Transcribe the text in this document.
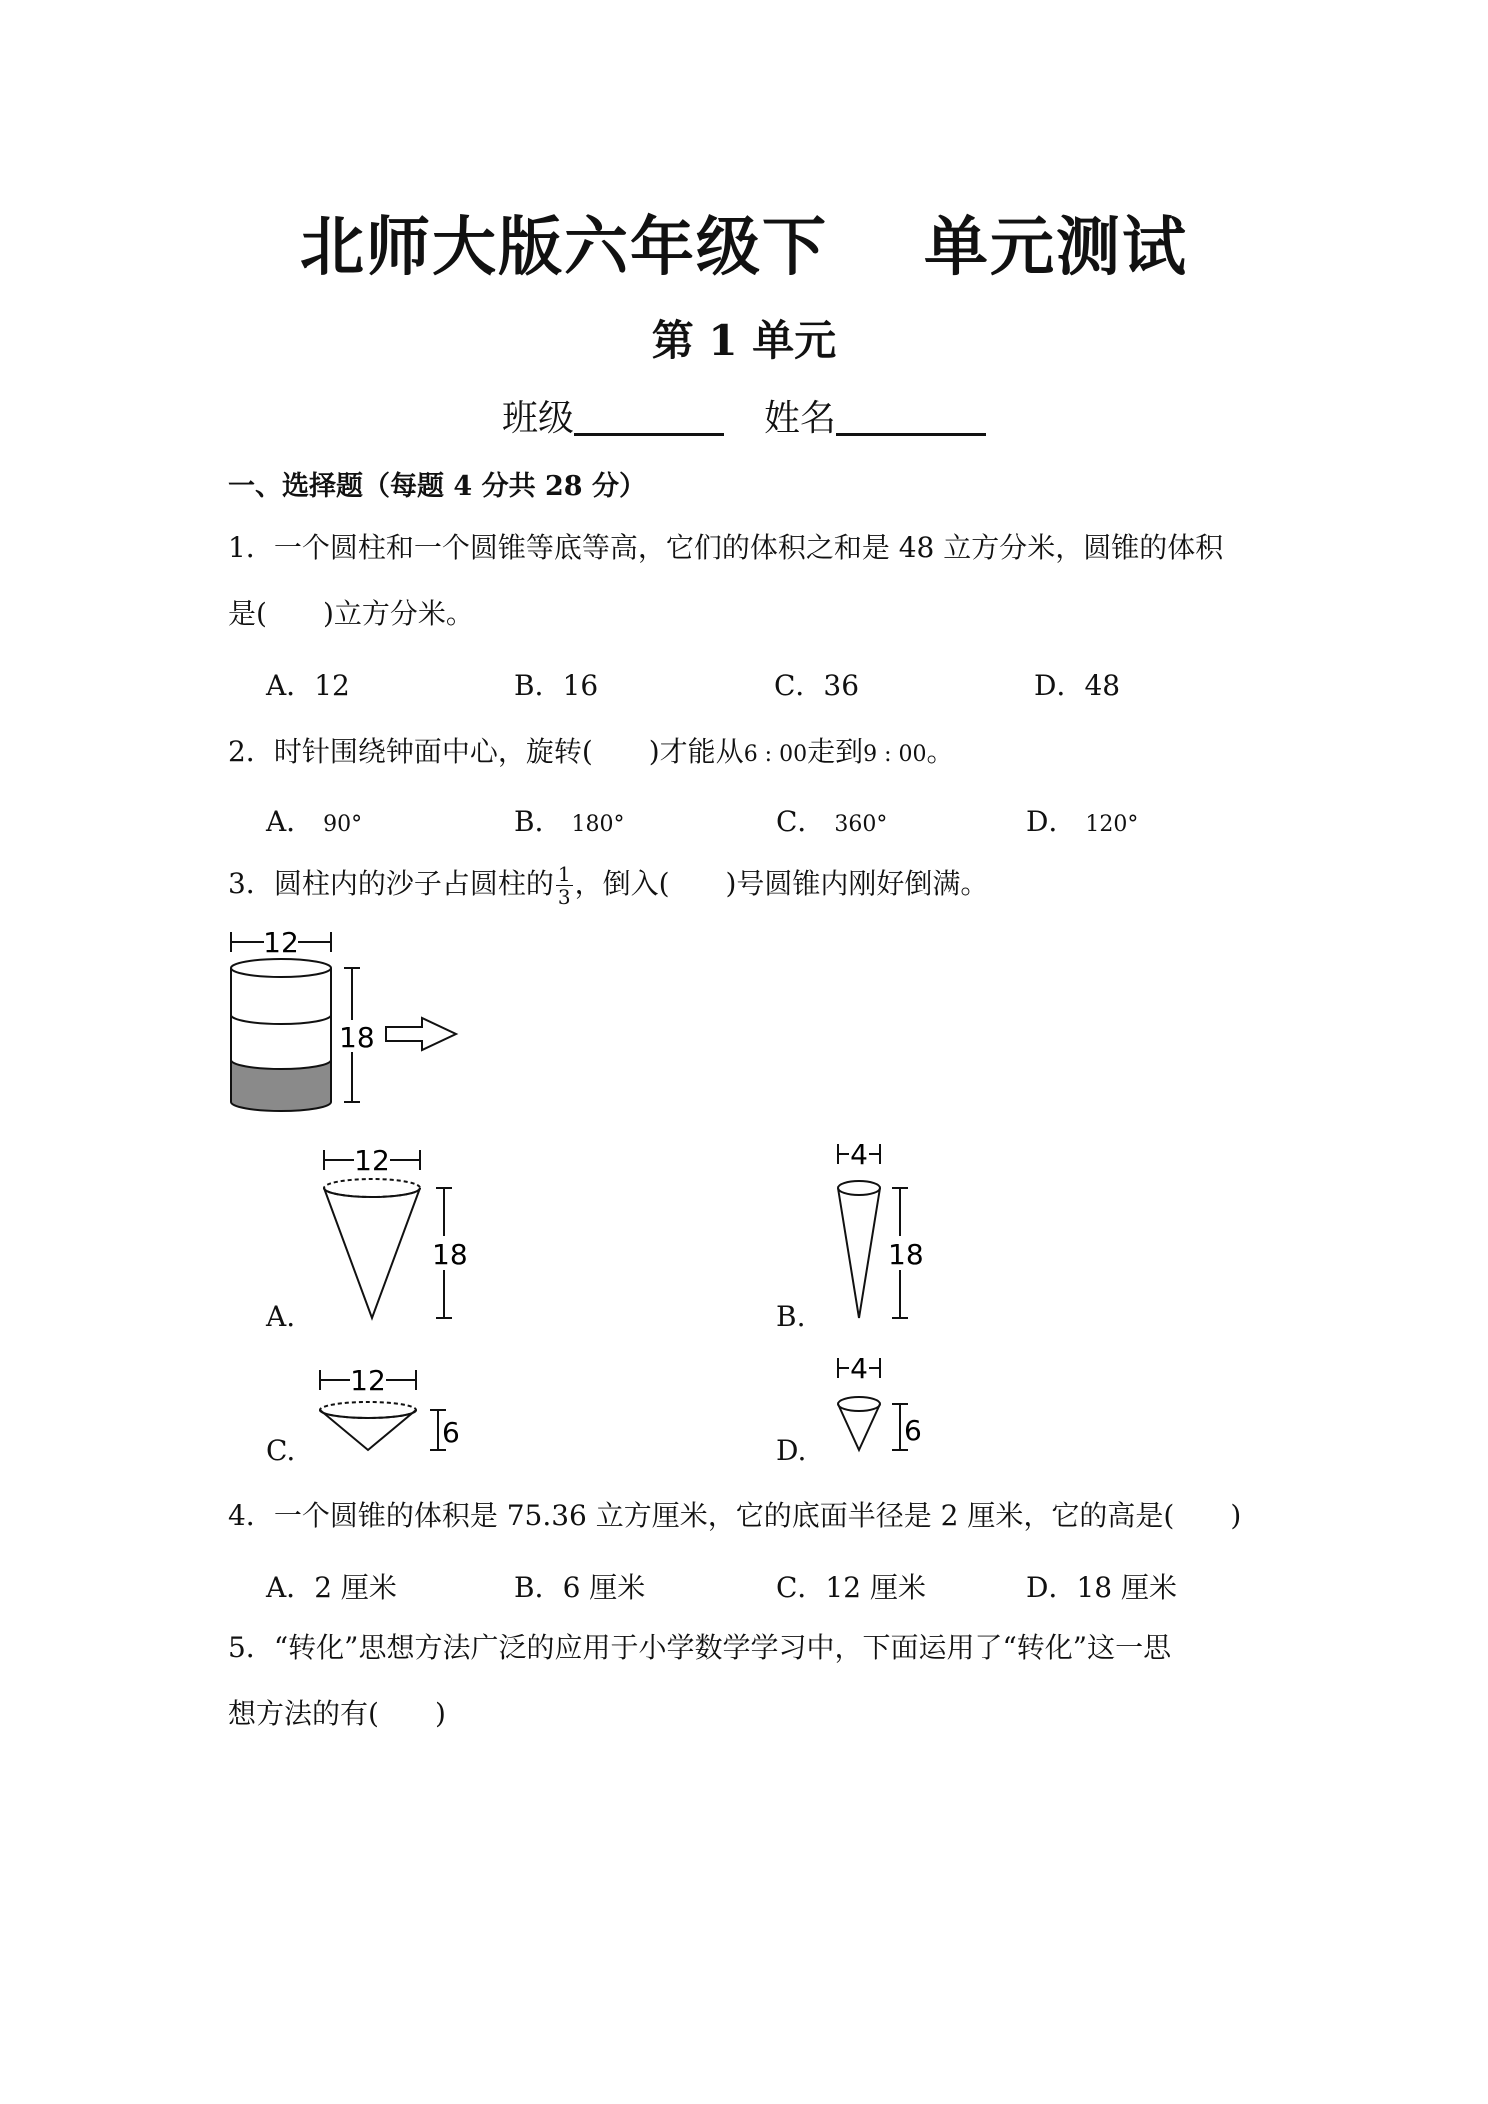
北师大版六年级下 单元测试
第 1 单元
班级	姓名
一、选择题（每题 4 分共 28 分）
1．一个圆柱和一个圆锥等底等高，它们的体积之和是 48 立方分米，圆锥的体积
是( )立方分米。
A．12	B．16	C．36	D．48
2．时针围绕钟面中心，旋转( )才能从6 : 00走到9 : 00。
A． 90°	B． 180°	C． 360°	D． 120°
3．圆柱内的沙子占圆柱的 $\frac{1}{3}$ ，倒入( )号圆锥内刚好倒满。
12
18
12
18
A.
4
18
B.
12
6
C.
4
6
D.
4．一个圆锥的体积是 75.36 立方厘米，它的底面半径是 2 厘米，它的高是( )
A．2 厘米	B．6 厘米	C．12 厘米	D．18 厘米
5．“转化”思想方法广泛的应用于小学数学学习中，下面运用了“转化”这一思
想方法的有( )
